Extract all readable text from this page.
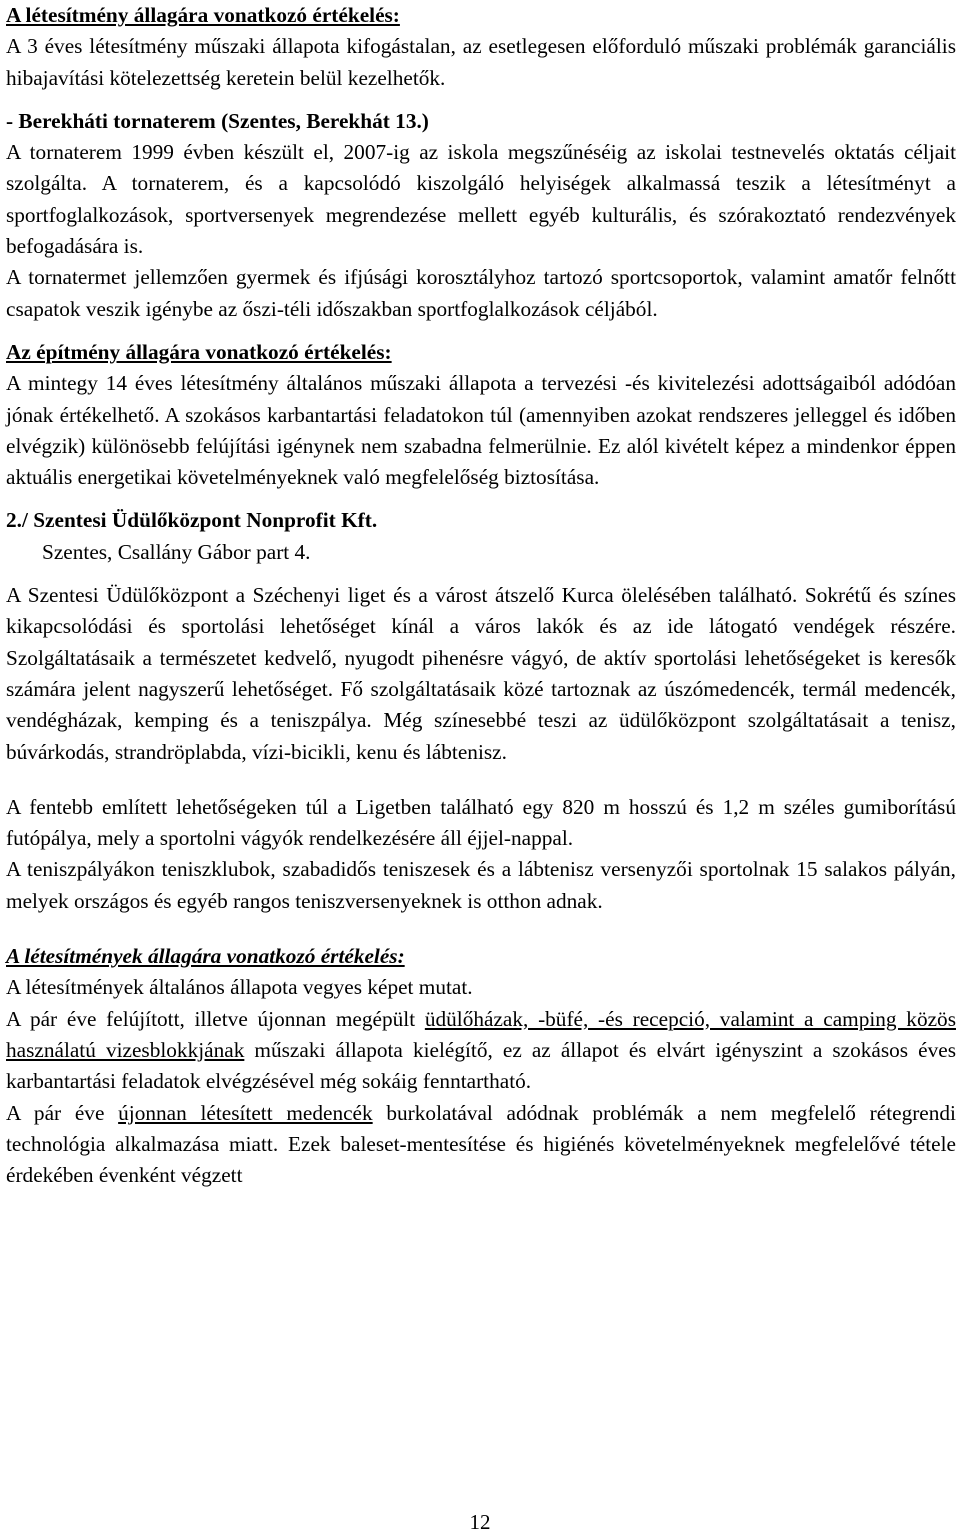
A létesítmény állagára vonatkozó értékelés:

A 3 éves létesítmény műszaki állapota kifogástalan, az esetlegesen előforduló műszaki problémák garanciális hibajavítási kötelezettség keretein belül kezelhetők.

- Berekháti tornaterem (Szentes, Berekhát 13.)

A tornaterem 1999 évben készült el, 2007-ig az iskola megszűnéséig az iskolai testnevelés oktatás céljait szolgálta. A tornaterem, és a kapcsolódó kiszolgáló helyiségek alkalmassá teszik a létesítményt a sportfoglalkozások, sportversenyek megrendezése mellett egyéb kulturális, és szórakoztató rendezvények befogadására is.

A tornatermet jellemzően gyermek és ifjúsági korosztályhoz tartozó sportcsoportok, valamint amatőr felnőtt csapatok veszik igénybe az őszi-téli időszakban sportfoglalkozások céljából.

Az építmény állagára vonatkozó értékelés:

A mintegy 14 éves létesítmény általános műszaki állapota a tervezési -és kivitelezési adottságaiból adódóan jónak értékelhető. A szokásos karbantartási feladatokon túl (amennyiben azokat rendszeres jelleggel és időben elvégzik) különösebb felújítási igénynek nem szabadna felmerülnie. Ez alól kivételt képez a mindenkor éppen aktuális energetikai követelményeknek való megfelelőség biztosítása.

2./ Szentesi Üdülőközpont Nonprofit Kft.

Szentes, Csallány Gábor part 4.

A Szentesi Üdülőközpont a Széchenyi liget és a várost átszelő Kurca ölelésében található. Sokrétű és színes kikapcsolódási és sportolási lehetőséget kínál a város lakók és az ide látogató vendégek részére. Szolgáltatásaik a természetet kedvelő, nyugodt pihenésre vágyó, de aktív sportolási lehetőségeket is keresők számára jelent nagyszerű lehetőséget. Fő szolgáltatásaik közé tartoznak az úszómedencék, termál medencék, vendégházak, kemping és a teniszpálya. Még színesebbé teszi az üdülőközpont szolgáltatásait a tenisz, búvárkodás, strandröplabda, vízi-bicikli, kenu és lábtenisz.

A fentebb említett lehetőségeken túl a Ligetben található egy 820 m hosszú és 1,2 m széles gumiborítású futópálya, mely a sportolni vágyók rendelkezésére áll éjjel-nappal.

A teniszpályákon teniszklubok, szabadidős teniszesek és a lábtenisz versenyzői sportolnak 15 salakos pályán, melyek országos és egyéb rangos teniszversenyeknek is otthon adnak.

A létesítmények állagára vonatkozó értékelés:

A létesítmények általános állapota vegyes képet mutat.

A pár éve felújított, illetve újonnan megépült üdülőházak, -büfé, -és recepció, valamint a camping közös használatú vizesblokkjának műszaki állapota kielégítő, ez az állapot és elvárt igényszint a szokásos éves karbantartási feladatok elvégzésével még sokáig fenntartható.

A pár éve újonnan létesített medencék burkolatával adódnak problémák a nem megfelelő rétegrendi technológia alkalmazása miatt. Ezek baleset-mentesítése és higiénés követelményeknek megfelelővé tétele érdekében évenként végzett

12
